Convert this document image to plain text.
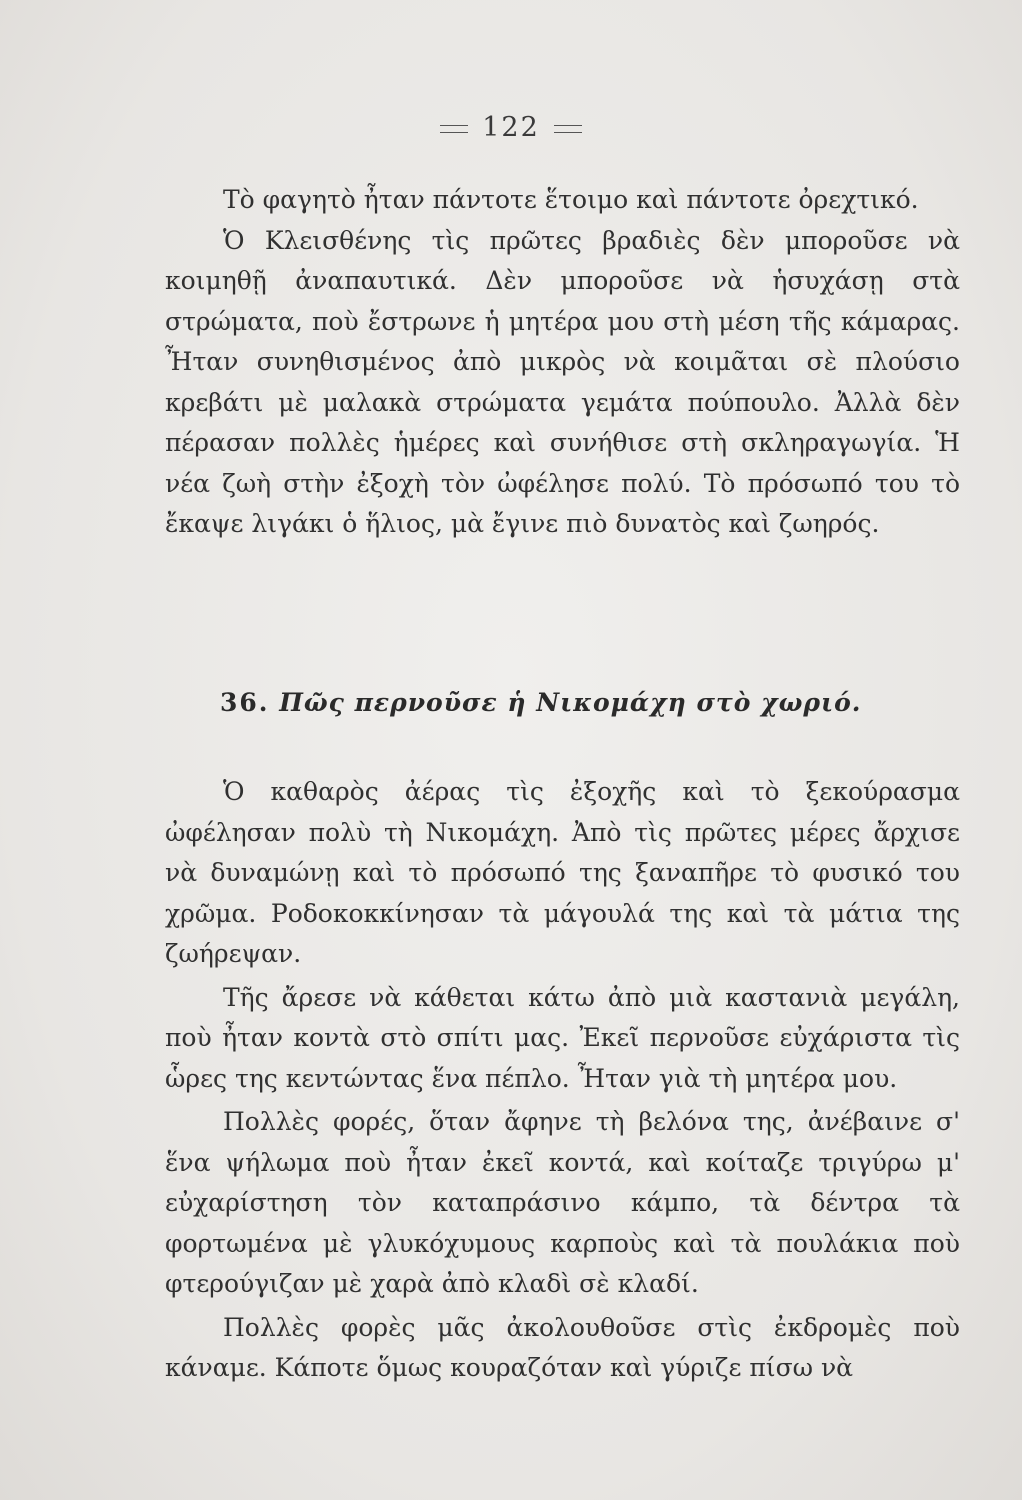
122

Τὸ φαγητὸ ἦταν πάντοτε ἕτοιμο καὶ πάντοτε ὀρεχτικό.

Ὁ Κλεισθένης τὶς πρῶτες βραδιὲς δὲν μποροῦσε νὰ κοιμηθῇ ἀναπαυτικά. Δὲν μποροῦσε νὰ ἡσυχάσῃ στὰ στρώματα, ποὺ ἔστρωνε ἡ μητέρα μου στὴ μέση τῆς κάμαρας. Ἦταν συνηθισμένος ἀπὸ μικρὸς νὰ κοιμᾶται σὲ πλούσιο κρεβάτι μὲ μαλακὰ στρώματα γεμάτα πούπουλο. Ἀλλὰ δὲν πέρασαν πολλὲς ἡμέρες καὶ συνήθισε στὴ σκληραγωγία. Ἡ νέα ζωὴ στὴν ἐξοχὴ τὸν ὠφέλησε πολύ. Τὸ πρόσωπό του τὸ ἔκαψε λιγάκι ὁ ἥλιος, μὰ ἔγινε πιὸ δυνατὸς καὶ ζωηρός.

36. Πῶς περνοῦσε ἡ Νικομάχη στὸ χωριό.

Ὁ καθαρὸς ἀέρας τὶς ἐξοχῆς καὶ τὸ ξεκούρασμα ὠφέλησαν πολὺ τὴ Νικομάχη. Ἀπὸ τὶς πρῶτες μέρες ἄρχισε νὰ δυναμώνῃ καὶ τὸ πρόσωπό της ξαναπῆρε τὸ φυσικό του χρῶμα. Ροδοκοκκίνησαν τὰ μάγουλά της καὶ τὰ μάτια της ζωήρεψαν.

Τῆς ἄρεσε νὰ κάθεται κάτω ἀπὸ μιὰ καστανιὰ μεγάλη, ποὺ ἦταν κοντὰ στὸ σπίτι μας. Ἐκεῖ περνοῦσε εὐχάριστα τὶς ὧρες της κεντώντας ἕνα πέπλο. Ἦταν γιὰ τὴ μητέρα μου.

Πολλὲς φορές, ὅταν ἄφηνε τὴ βελόνα της, ἀνέβαινε σ' ἕνα ψήλωμα ποὺ ἦταν ἐκεῖ κοντά, καὶ κοίταζε τριγύρω μ' εὐχαρίστηση τὸν καταπράσινο κάμπο, τὰ δέντρα τὰ φορτωμένα μὲ γλυκόχυμους καρποὺς καὶ τὰ πουλάκια ποὺ φτερούγιζαν μὲ χαρὰ ἀπὸ κλαδὶ σὲ κλαδί.

Πολλὲς φορὲς μᾶς ἀκολουθοῦσε στὶς ἐκδρομὲς ποὺ κάναμε. Κάποτε ὅμως κουραζόταν καὶ γύριζε πίσω νὰ
